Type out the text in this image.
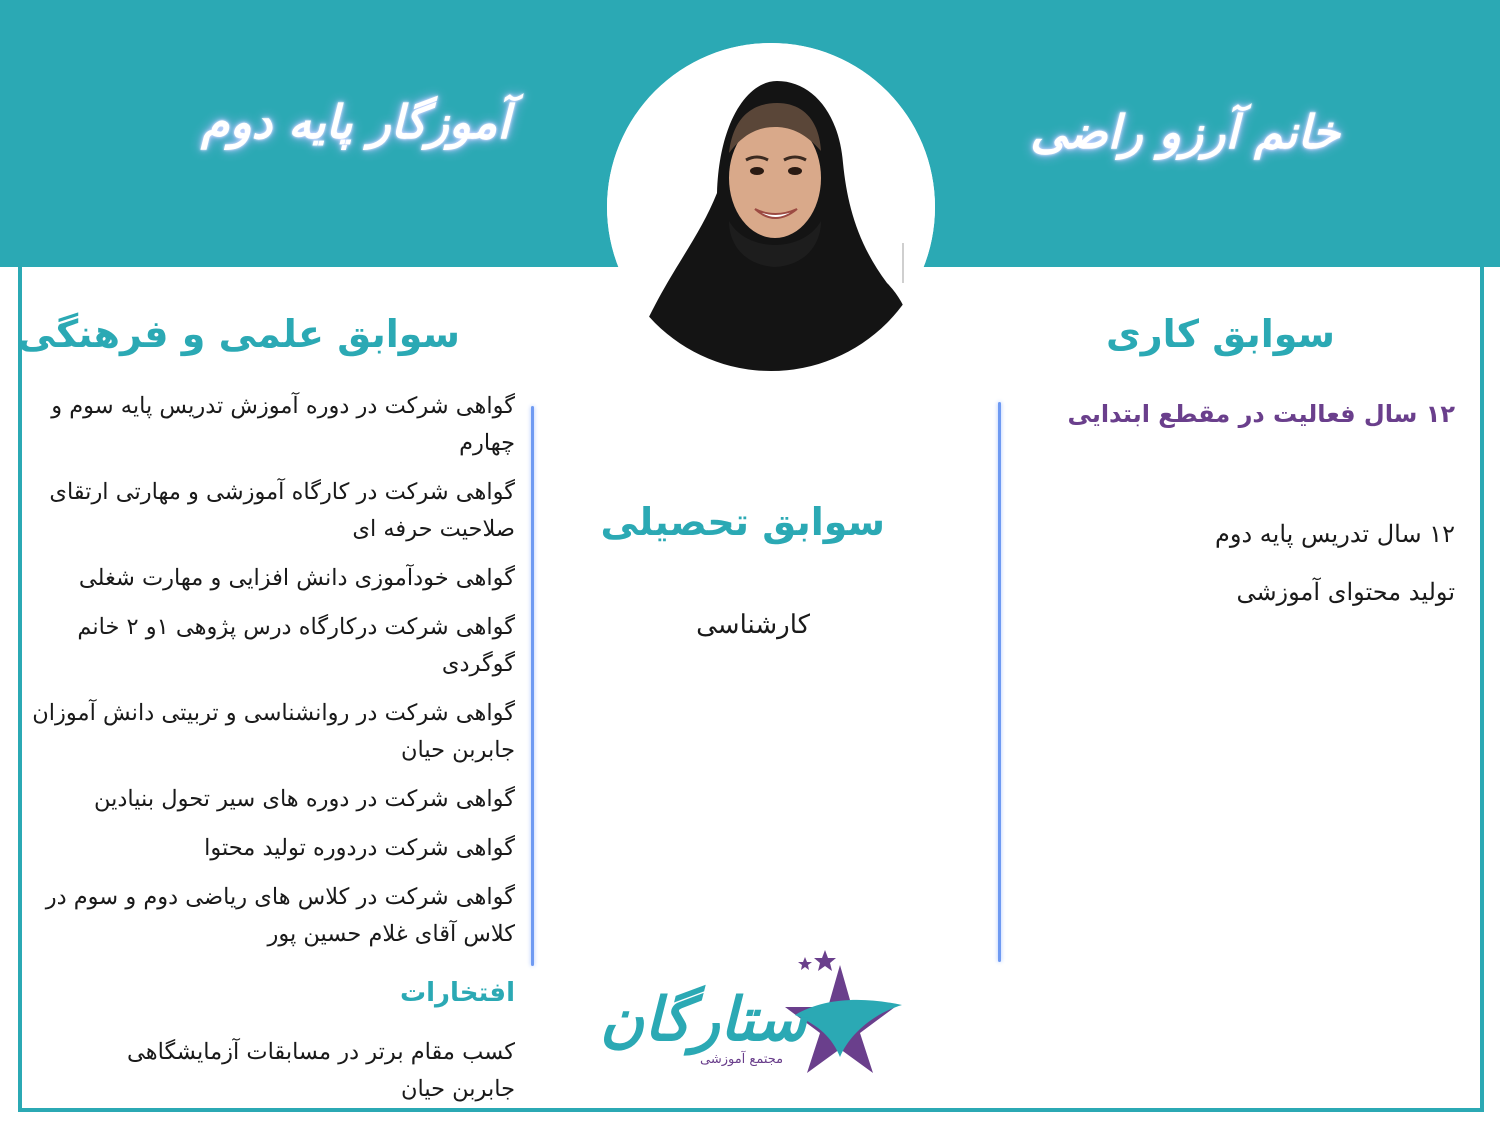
خانم آرزو راضی
آموزگار پایه دوم
سوابق کاری
سوابق علمی و فرهنگی
سوابق تحصیلی
۱۲ سال فعالیت در مقطع ابتدایی
۱۲ سال تدریس پایه دوم
تولید محتوای آموزشی
کارشناسی
گواهی شرکت در دوره آموزش تدریس پایه سوم و چهارم
گواهی شرکت در کارگاه آموزشی و مهارتی ارتقای صلاحیت حرفه ای
گواهی خودآموزی دانش افزایی و مهارت شغلی
گواهی شرکت درکارگاه درس پژوهی ۱و ۲ خانم گوگردی
گواهی شرکت در روانشناسی و تربیتی دانش آموزان جابربن حیان
گواهی شرکت در دوره های سیر تحول بنیادین
گواهی شرکت دردوره تولید محتوا
گواهی شرکت در کلاس های ریاضی دوم و سوم در کلاس آقای غلام حسین پور
افتخارات
کسب مقام برتر در مسابقات آزمایشگاهی جابربن حیان
ستارگان
مجتمع آموزشی
